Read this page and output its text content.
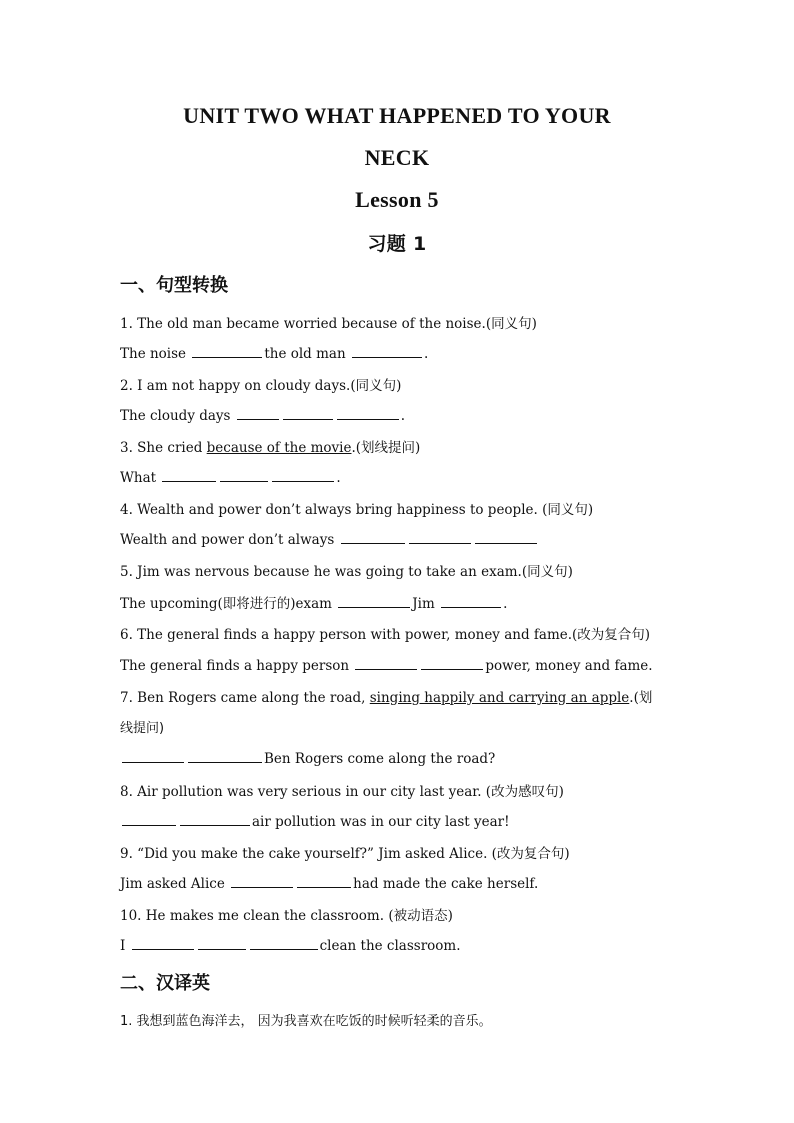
UNIT TWO WHAT HAPPENED TO YOUR
NECK
Lesson 5
习题 1
一、句型转换
1. The old man became worried because of the noise.(同义句)
The noise	the old man	.
2. I am not happy on cloudy days.(同义句)
The cloudy days	.
3. She cried because of the movie.(划线提问)
What	.
4. Wealth and power don’t always bring happiness to people. (同义句)
Wealth and power don’t always
5. Jim was nervous because he was going to take an exam.(同义句)
The upcoming(即将进行的)exam	Jim	.
6. The general finds a happy person with power, money and fame.(改为复合句)
The general finds a happy person	power, money and fame.
7. Ben Rogers came along the road, singing happily and carrying an apple.(划
线提问)
Ben Rogers come along the road?
8. Air pollution was very serious in our city last year. (改为感叹句)
air pollution was in our city last year!
9. “Did you make the cake yourself?” Jim asked Alice. (改为复合句)
Jim asked Alice	had made the cake herself.
10. He makes me clean the classroom. (被动语态)
I	clean the classroom.
二、汉译英
1. 我想到蓝色海洋去， 因为我喜欢在吃饭的时候听轻柔的音乐。
